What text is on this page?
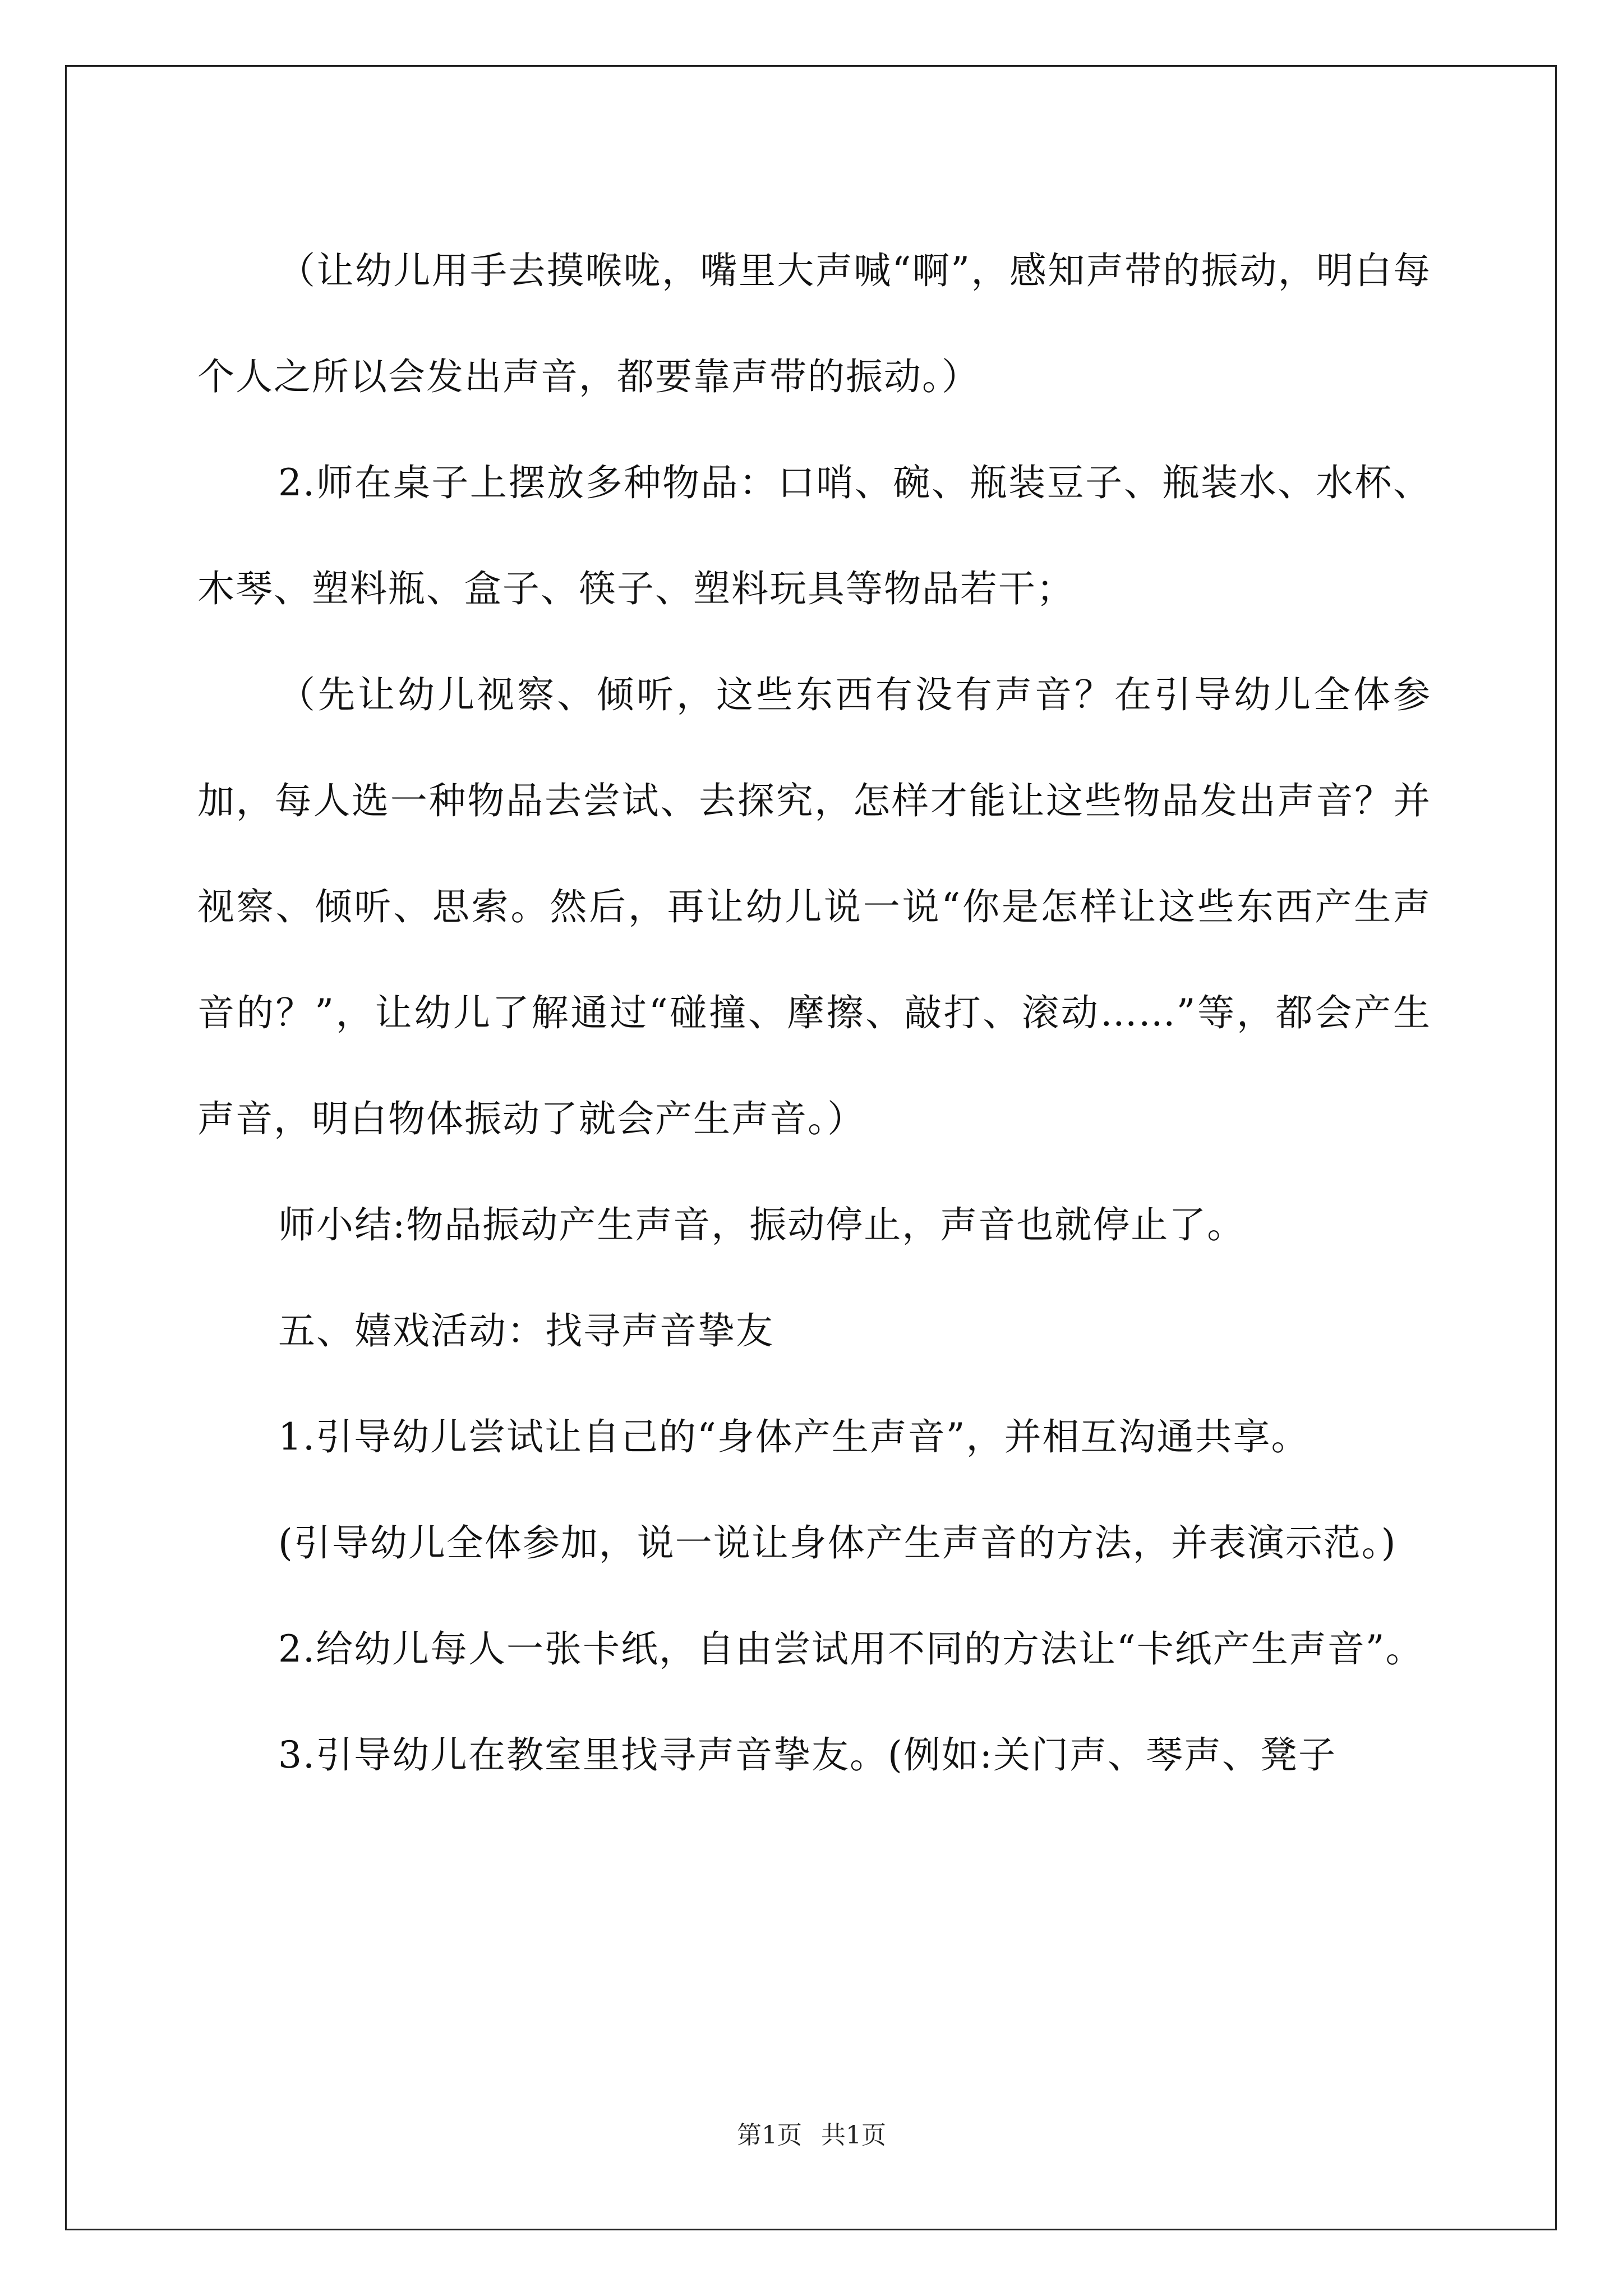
（让幼儿用手去摸喉咙，嘴里大声喊“啊”，感知声带的振动，明白每个人之所以会发出声音，都要靠声带的振动。）

2.师在桌子上摆放多种物品：口哨、碗、瓶装豆子、瓶装水、水杯、木琴、塑料瓶、盒子、筷子、塑料玩具等物品若干；

（先让幼儿视察、倾听，这些东西有没有声音？在引导幼儿全体参加，每人选一种物品去尝试、去探究，怎样才能让这些物品发出声音？并视察、倾听、思索。然后，再让幼儿说一说“你是怎样让这些东西产生声音的？”，让幼儿了解通过“碰撞、摩擦、敲打、滚动……”等，都会产生声音，明白物体振动了就会产生声音。）

师小结:物品振动产生声音，振动停止，声音也就停止了。

五、嬉戏活动：找寻声音挚友

1.引导幼儿尝试让自己的“身体产生声音”，并相互沟通共享。

(引导幼儿全体参加，说一说让身体产生声音的方法，并表演示范。)

2.给幼儿每人一张卡纸，自由尝试用不同的方法让“卡纸产生声音”。

3.引导幼儿在教室里找寻声音挚友。(例如:关门声、琴声、凳子

第1页 共1页
